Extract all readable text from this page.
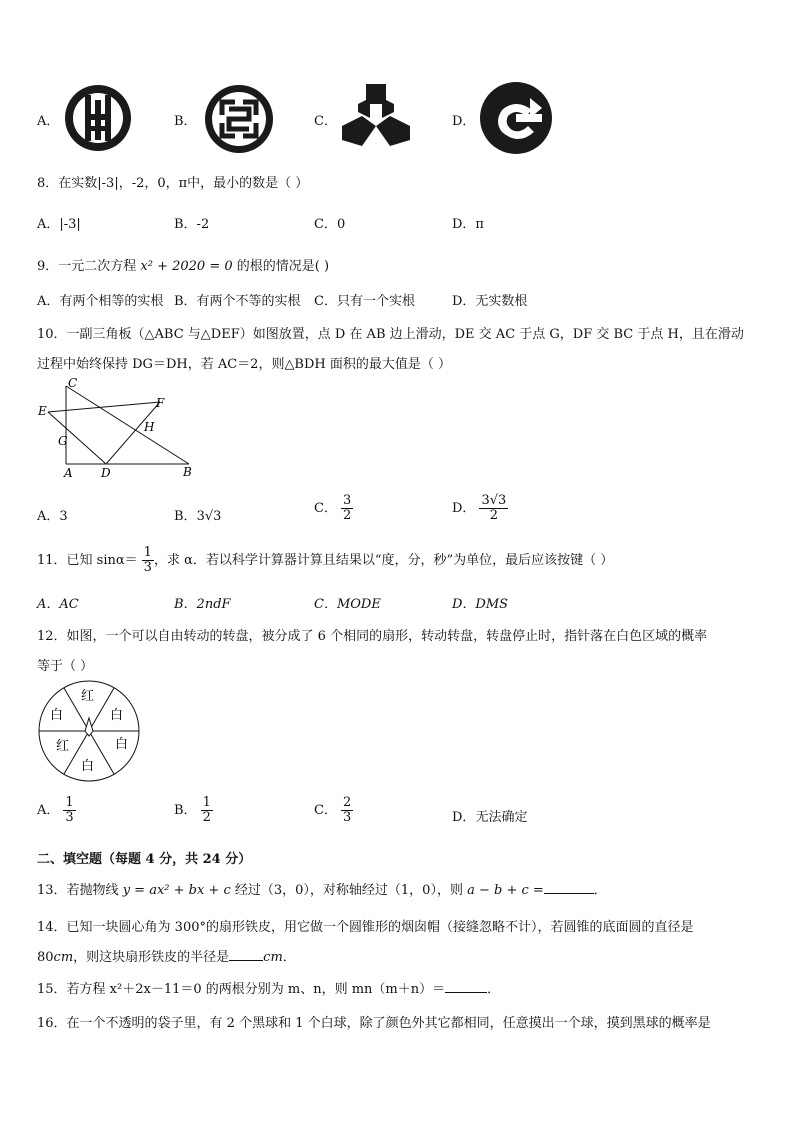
A．	B．	C．	D．
8．在实数|-3|，-2，0，π中，最小的数是（ ）
A．|-3|	B．-2	C．0	D．π
9．一元二次方程 x² + 2020 = 0 的根的情况是( )
A．有两个相等的实根 B．有两个不等的实根 C．只有一个实根	D．无实数根
10．一副三角板（△ABC 与△DEF）如图放置，点 D 在 AB 边上滑动，DE 交 AC 于点 G，DF 交 BC 于点 H，且在滑动
过程中始终保持 DG＝DH，若 AC＝2，则△BDH 面积的最大值是（ ）
C
E
F
H
G
A D	B
A．3	B．3√3
C． $\frac{3}{2}$	D． $\frac{3√3}{2}$
11．已知 $\sin\alpha= \frac{1}{3}$ ，求 α．若以科学计算器计算且结果以“度，分，秒”为单位，最后应该按键（ ）
A．AC	B．2ndF	C．MODE	D．DMS
12．如图，一个可以自由转动的转盘，被分成了 6 个相同的扇形，转动转盘，转盘停止时，指针落在白色区域的概率
等于（ ）
红
白
白
白
红
白
A． $\frac{1}{3}$	B． $\frac{1}{2}$	C． $\frac{2}{3}$	D．无法确定
二、填空题（每题 4 分，共 24 分）
13．若抛物线 y = ax² + bx + c 经过（3，0），对称轴经过（1，0），则 a − b + c =	．
14．已知一块圆心角为 300°的扇形铁皮，用它做一个圆锥形的烟囱帽（接缝忽略不计），若圆锥的底面圆的直径是
80cm，则这块扇形铁皮的半径是	cm．
15．若方程 x²＋2x－11＝0 的两根分别为 m、n，则 mn（m＋n）＝	．
16．在一个不透明的袋子里，有 2 个黑球和 1 个白球，除了颜色外其它都相同，任意摸出一个球，摸到黑球的概率是
